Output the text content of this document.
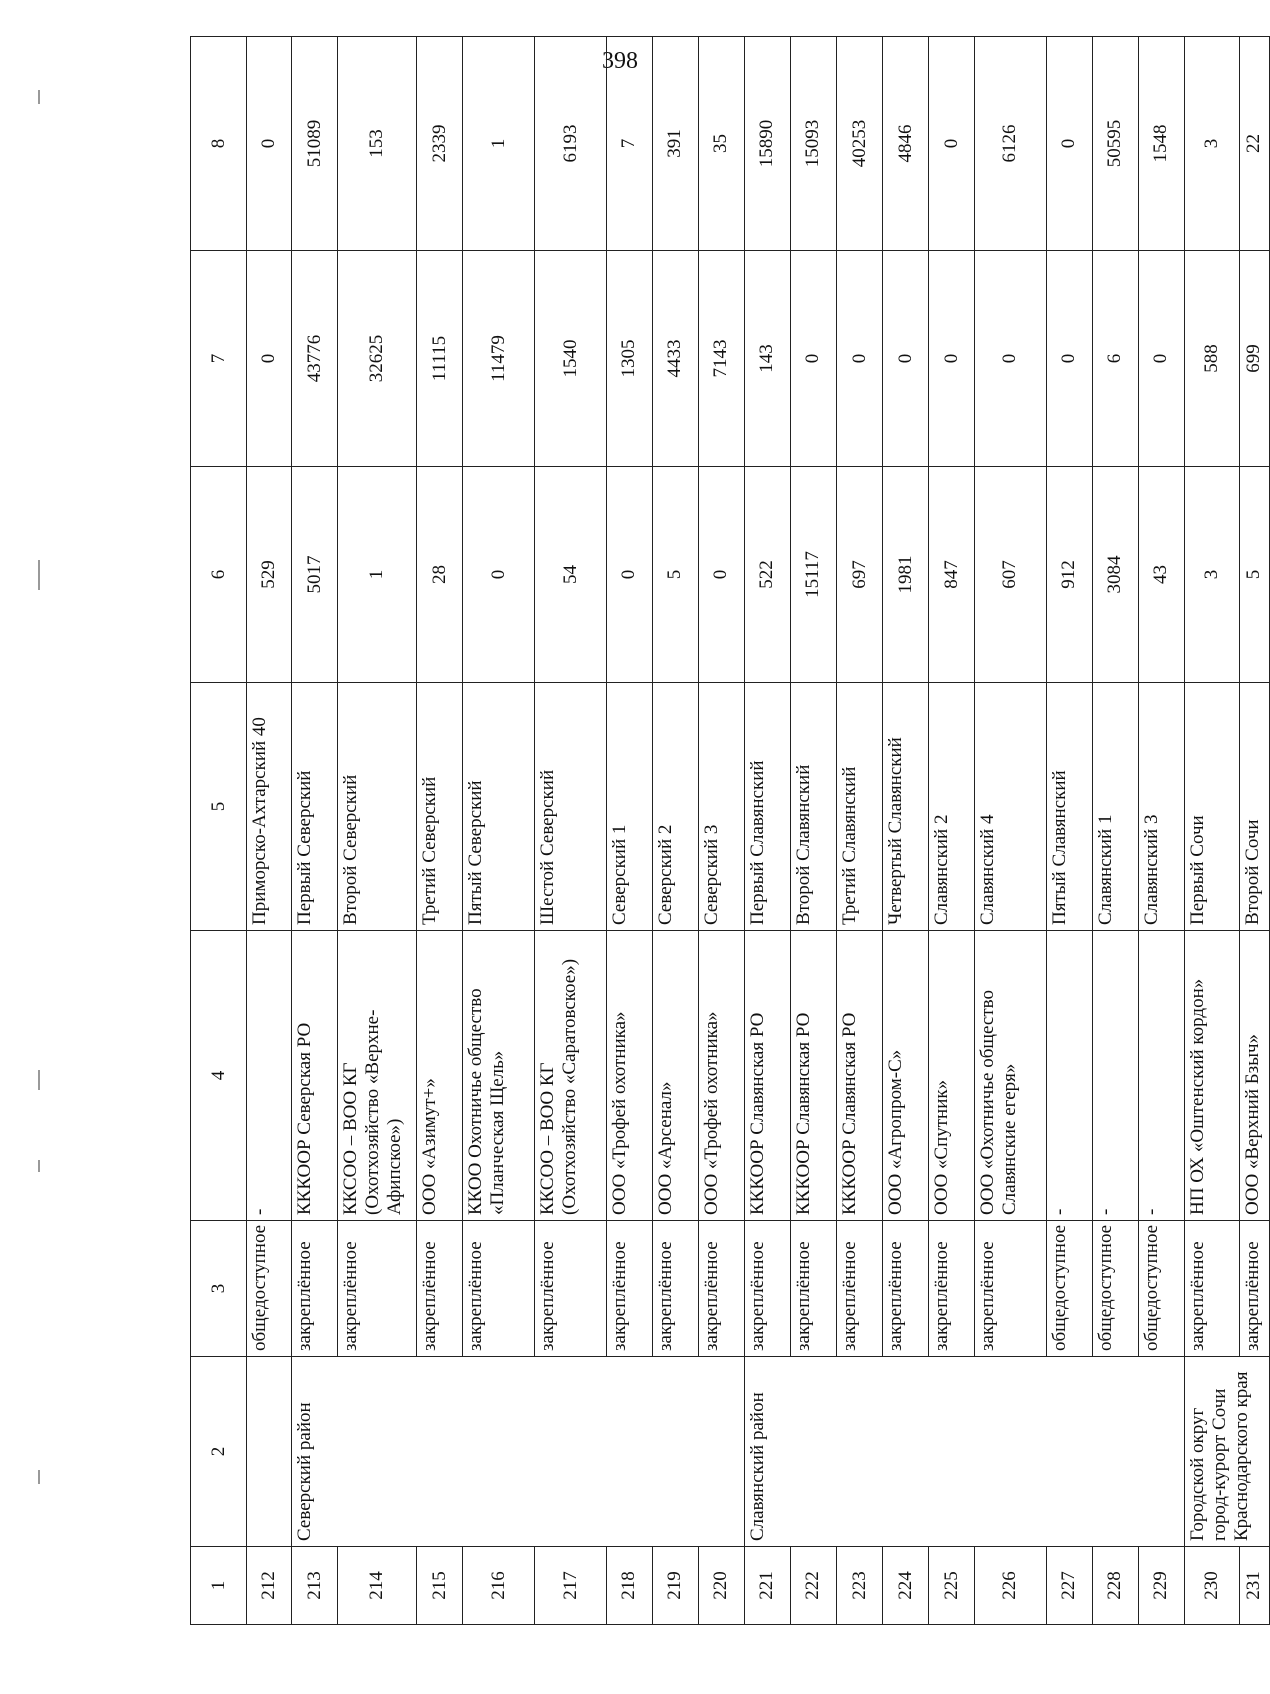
398
1	2	3	4	5	6	7	8
212		общедоступное	-	Приморско-Ахтарский 40	529	0	0
213	Северский район	закреплённое	КККООР Северская РО	Первый Северский	5017	43776	51089
214		закреплённое	ККСОО – ВОО КГ (Охотхозяйство «Верхне-Афипское»)	Второй Северский	1	32625	153
215		закреплённое	ООО «Азимут+»	Третий Северский	28	11115	2339
216		закреплённое	ККОО Охотничье общество «Планческая Щель»	Пятый Северский	0	11479	1
217		закреплённое	ККСОО – ВОО КГ (Охотхозяйство «Саратовское»)	Шестой Северский	54	1540	6193
218		закреплённое	ООО «Трофей охотника»	Северский 1	0	1305	7
219		закреплённое	ООО «Арсенал»	Северский 2	5	4433	391
220		закреплённое	ООО «Трофей охотника»	Северский 3	0	7143	35
221	Славянский район	закреплённое	КККООР Славянская РО	Первый Славянский	522	143	15890
222		закреплённое	КККООР Славянская РО	Второй Славянский	15117	0	15093
223		закреплённое	КККООР Славянская РО	Третий Славянский	697	0	40253
224		закреплённое	ООО «Агропром-С»	Четвертый Славянский	1981	0	4846
225		закреплённое	ООО «Спутник»	Славянский 2	847	0	0
226		закреплённое	ООО «Охотничье общество Славянские егеря»	Славянский 4	607	0	6126
227		общедоступное	-	Пятый Славянский	912	0	0
228		общедоступное	-	Славянский 1	3084	6	50595
229		общедоступное	-	Славянский 3	43	0	1548
230	Городской округ город-курорт Сочи Краснодарского края	закреплённое	НП ОХ «Оштенский кордон»	Первый Сочи	3	588	3
231		закреплённое	ООО «Верхний Бзыч»	Второй Сочи	5	699	22
